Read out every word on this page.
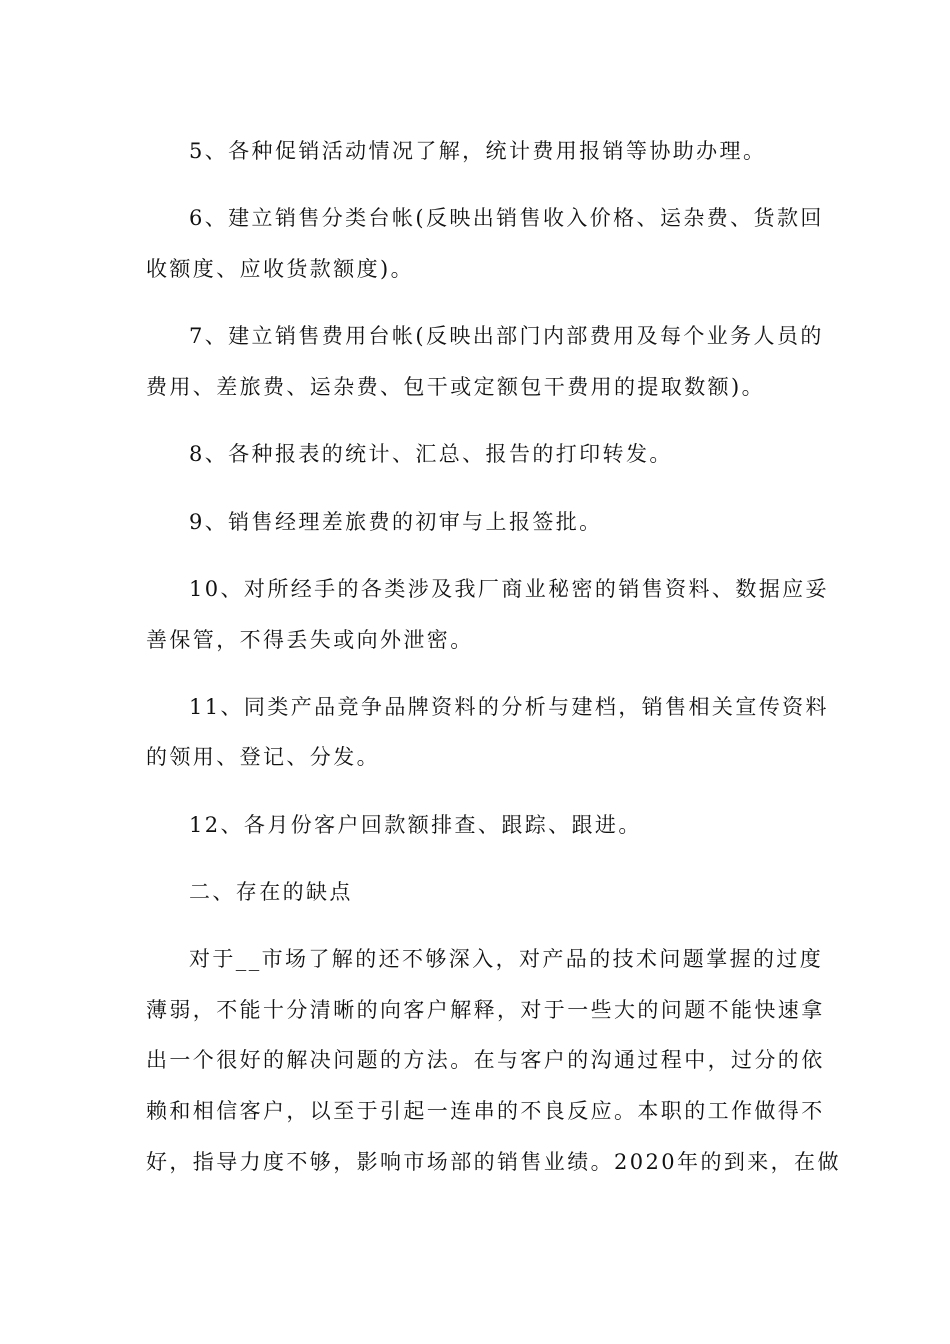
5、各种促销活动情况了解，统计费用报销等协助办理。
6、建立销售分类台帐(反映出销售收入价格、运杂费、货款回
收额度、应收货款额度)。
7、建立销售费用台帐(反映出部门内部费用及每个业务人员的
费用、差旅费、运杂费、包干或定额包干费用的提取数额)。
8、各种报表的统计、汇总、报告的打印转发。
9、销售经理差旅费的初审与上报签批。
10、对所经手的各类涉及我厂商业秘密的销售资料、数据应妥
善保管，不得丢失或向外泄密。
11、同类产品竞争品牌资料的分析与建档，销售相关宣传资料
的领用、登记、分发。
12、各月份客户回款额排查、跟踪、跟进。
二、存在的缺点
对于__市场了解的还不够深入，对产品的技术问题掌握的过度
薄弱，不能十分清晰的向客户解释，对于一些大的问题不能快速拿
出一个很好的解决问题的方法。在与客户的沟通过程中，过分的依
赖和相信客户，以至于引起一连串的不良反应。本职的工作做得不
好，指导力度不够，影响市场部的销售业绩。2020年的到来，在做
